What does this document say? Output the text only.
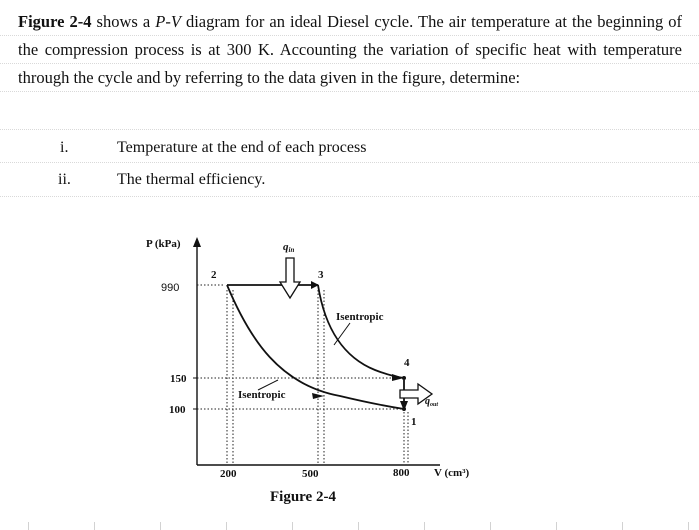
Figure 2-4 shows a P-V diagram for an ideal Diesel cycle. The air temperature at the beginning of the compression process is at 300 K. Accounting the variation of specific heat with temperature through the cycle and by referring to the data given in the figure, determine:
i.	Temperature at the end of each process
ii.	The thermal efficiency.
P (kPa)
V (cm³)
990
150
100
200	500	800
1
2	3
4
qin
$q_{out}$
Isentropic
Isentropic
Figure 2-4
